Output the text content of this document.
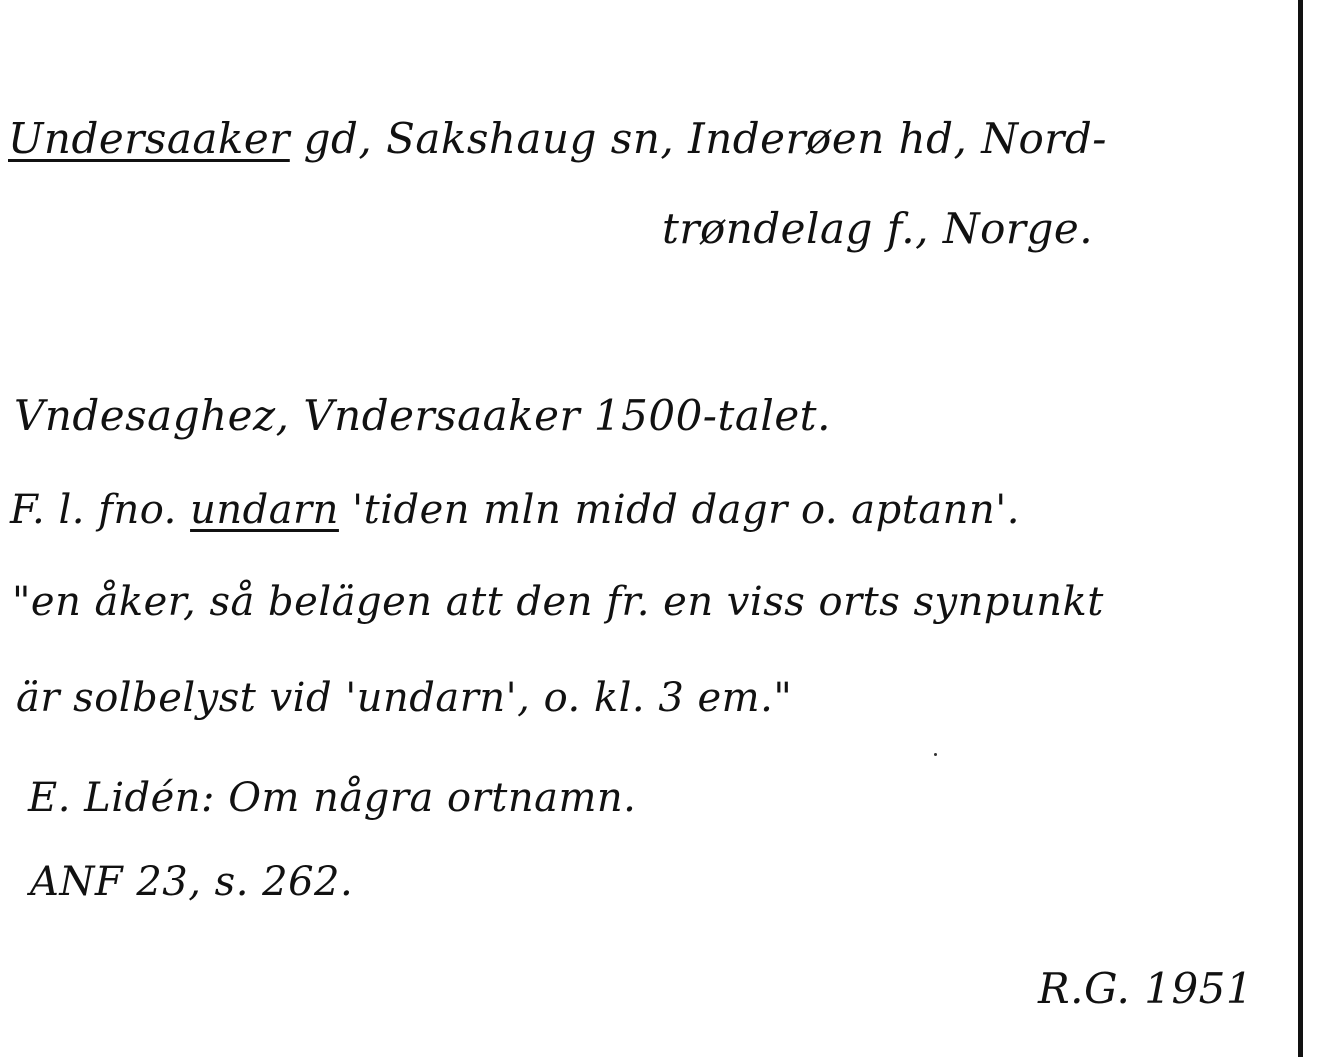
Undersaaker gd, Sakshaug sn, Inderøen hd, Nord-
trøndelag f., Norge.
Vndesaghez, Vndersaaker 1500-talet.
F. l. fno. undarn 'tiden mln midd dagr o. aptann'.
"en åker, så belägen att den fr. en viss orts synpunkt
är solbelyst vid 'undarn', o. kl. 3 em."
E. Lidén: Om några ortnamn.
ANF 23, s. 262.
R.G. 1951
